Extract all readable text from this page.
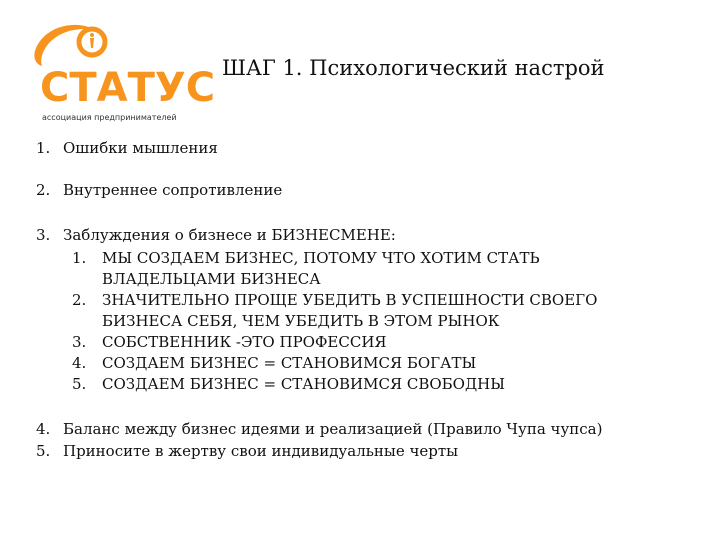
СТАТУС
ассоциация предпринимателей
ШАГ 1. Психологический настрой
1. Ошибки мышления
2. Внутреннее сопротивление
3. Заблуждения о бизнесе и БИЗНЕСМЕНЕ:
1.	МЫ СОЗДАЕМ БИЗНЕС, ПОТОМУ ЧТО ХОТИМ СТАТЬ ВЛАДЕЛЬЦАМИ БИЗНЕСА
2.	ЗНАЧИТЕЛЬНО ПРОЩЕ УБЕДИТЬ В УСПЕШНОСТИ СВОЕГО БИЗНЕСА СЕБЯ, ЧЕМ УБЕДИТЬ В ЭТОМ РЫНОК
3.	СОБСТВЕННИК -ЭТО ПРОФЕССИЯ
4.	СОЗДАЕМ БИЗНЕС = СТАНОВИМСЯ БОГАТЫ
5.	СОЗДАЕМ БИЗНЕС = СТАНОВИМСЯ СВОБОДНЫ
4. Баланс между бизнес идеями и реализацией (Правило Чупа чупса)
5. Приносите в жертву свои индивидуальные черты
